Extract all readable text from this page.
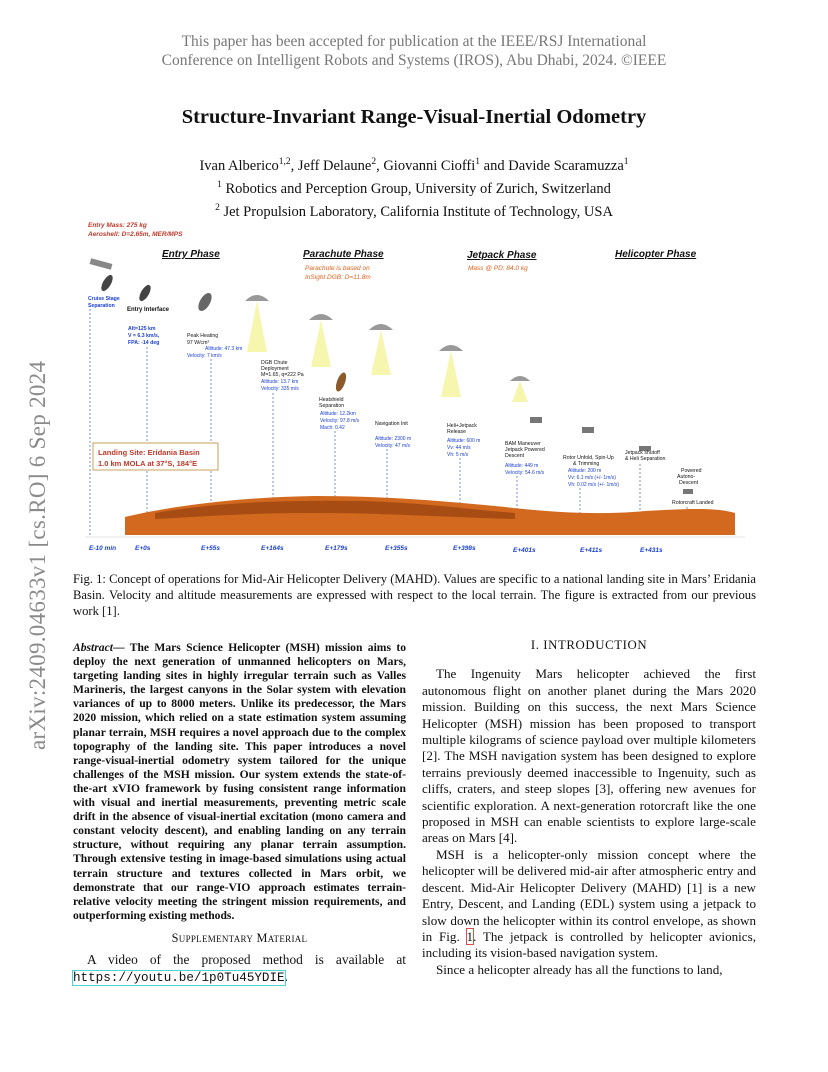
This paper has been accepted for publication at the IEEE/RSJ International
Conference on Intelligent Robots and Systems (IROS), Abu Dhabi, 2024. ©IEEE
Structure-Invariant Range-Visual-Inertial Odometry
Ivan Alberico$^{1,2}$, Jeff Delaune$^2$, Giovanni Cioffi$^1$ and Davide Scaramuzza$^1$
$^1$ Robotics and Perception Group, University of Zurich, Switzerland
$^2$ Jet Propulsion Laboratory, California Institute of Technology, USA
arXiv:2409.04633v1 [cs.RO] 6 Sep 2024
Entry Mass: 275 kg
Aeroshell: D=2.65m, MER/MPS
Entry Phase	Parachute Phase	Jetpack Phase	Helicopter Phase
Parachute is based on
InSight DGB: D=11.8m
Mass @ PD: 84.0 kg
Cruise Stage
Separation
Entry Interface
Alt=125 km
V = 6.3 km/s,
FPA: -14 deg
Peak Heating
97 W/cm²
DGB Chute
Deployment
M=1.65, q=222 Pa
Heatshield
Separation
Navigation Init	Heli+Jetpack
Release
BAM Maneuver
Jetpack Powered
Descent	Rotor Unfold, Spin-Up
& Trimming
Jetpack shutoff
& Heli Separation
Powered
Autono-
Descent
Rotorcraft Landed
Altitude: 47.3 km
Velocity: 7 km/s
Altitude: 13.7 km
Velocity: 335 m/s
Altitude: 12.2km
Velocity: 97.8 m/s
Mach: 0.42
Altitude: 2300 m
Velocity: 47 m/s
Altitude: 600 m
Vv: 44 m/s
Vh: 5 m/s
Altitude: 449 m
Velocity: 54.6 m/s	Altitude: 200 m
Vv: 6.1 m/s (+/- 1m/s)
Vh: 0.02 m/s (+/- 1m/s)
Landing Site: Eridania Basin
1.0 km MOLA at 37°S, 184°E
E-10 min	E+0s	E+55s	E+164s	E+179s	E+355s	E+398s	E+401s	E+411s	E+431s
Fig. 1: Concept of operations for Mid-Air Helicopter Delivery (MAHD). Values are specific to a national landing site in Mars’ Eridania Basin. Velocity and altitude measurements are expressed with respect to the local terrain. The figure is extracted from our previous work [1].
Abstract— The Mars Science Helicopter (MSH) mission aims to deploy the next generation of unmanned helicopters on Mars, targeting landing sites in highly irregular terrain such as Valles Marineris, the largest canyons in the Solar system with elevation variances of up to 8000 meters. Unlike its predecessor, the Mars 2020 mission, which relied on a state estimation system assuming planar terrain, MSH requires a novel approach due to the complex topography of the landing site. This paper introduces a novel range-visual-inertial odometry system tailored for the unique challenges of the MSH mission. Our system extends the state-of-the-art xVIO framework by fusing consistent range information with visual and inertial measurements, preventing metric scale drift in the absence of visual-inertial excitation (mono camera and constant velocity descent), and enabling landing on any terrain structure, without requiring any planar terrain assumption. Through extensive testing in image-based simulations using actual terrain structure and textures collected in Mars orbit, we demonstrate that our range-VIO approach estimates terrain-relative velocity meeting the stringent mission requirements, and outperforming existing methods.
Supplementary Material
A video of the proposed method is available at https://youtu.be/1p0Tu45YDIE.
I. INTRODUCTION

The Ingenuity Mars helicopter achieved the first autonomous flight on another planet during the Mars 2020 mission. Building on this success, the next Mars Science Helicopter (MSH) mission has been proposed to transport multiple kilograms of science payload over multiple kilometers [2]. The MSH navigation system has been designed to explore terrains previously deemed inaccessible to Ingenuity, such as cliffs, craters, and steep slopes [3], offering new avenues for scientific exploration. A next-generation rotorcraft like the one proposed in MSH can enable scientists to explore large-scale areas on Mars [4].

MSH is a helicopter-only mission concept where the helicopter will be delivered mid-air after atmospheric entry and descent. Mid-Air Helicopter Delivery (MAHD) [1] is a new Entry, Descent, and Landing (EDL) system using a jetpack to slow down the helicopter within its control envelope, as shown in Fig. 1. The jetpack is controlled by helicopter avionics, including its vision-based navigation system.

Since a helicopter already has all the functions to land,
